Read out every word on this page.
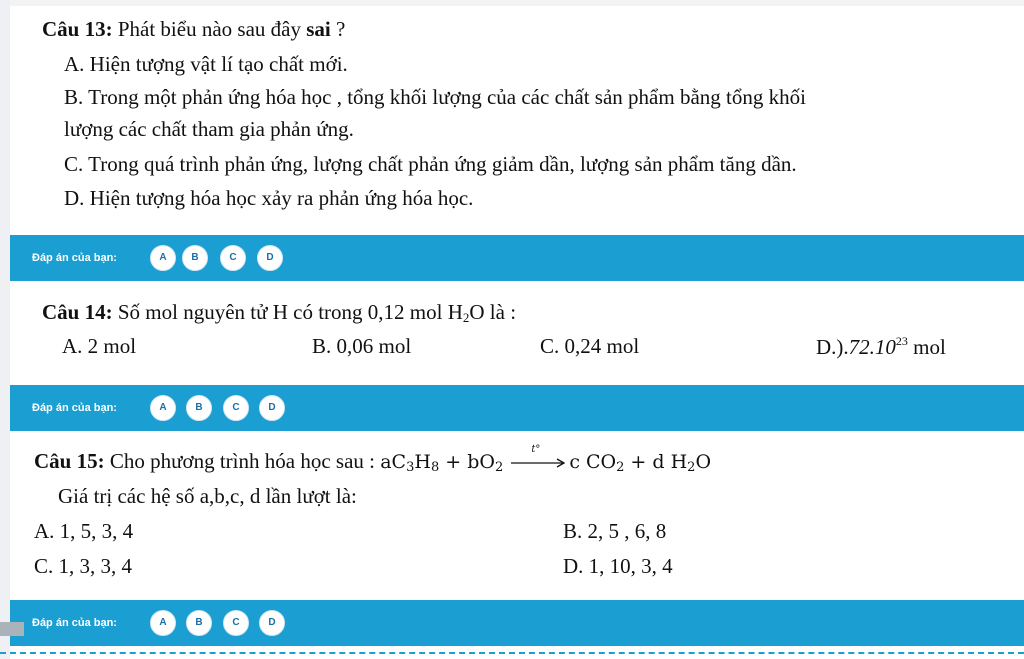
Câu 13: Phát biểu nào sau đây sai ?
A. Hiện tượng vật lí tạo chất mới.
B. Trong một phản ứng hóa học , tổng khối lượng của các chất sản phẩm bằng tổng khối
lượng các chất tham gia phản ứng.
C. Trong quá trình phản ứng, lượng chất phản ứng giảm dần, lượng sản phẩm tăng dần.
D. Hiện tượng hóa học xảy ra phản ứng hóa học.
Đáp án của bạn:	A	B	C	D
Câu 14: Số mol nguyên tử H có trong 0,12 mol $H_2O$ là :
A. 2 mol	B. 0,06 mol	C. 0,24 mol	D.).72.10$^{23}$ mol
Đáp án của bạn:	A	B	C	D
Câu 15: Cho phương trình hóa học sau : $aC_3H_8 + bO_2$
t°
c $CO_2 + d$ $H_2O$
Giá trị các hệ số a,b,c, d lần lượt là:
A. 1, 5, 3, 4	B. 2, 5 , 6, 8
C. 1, 3, 3, 4	D. 1, 10, 3, 4
Đáp án của bạn:	A	B	C	D
